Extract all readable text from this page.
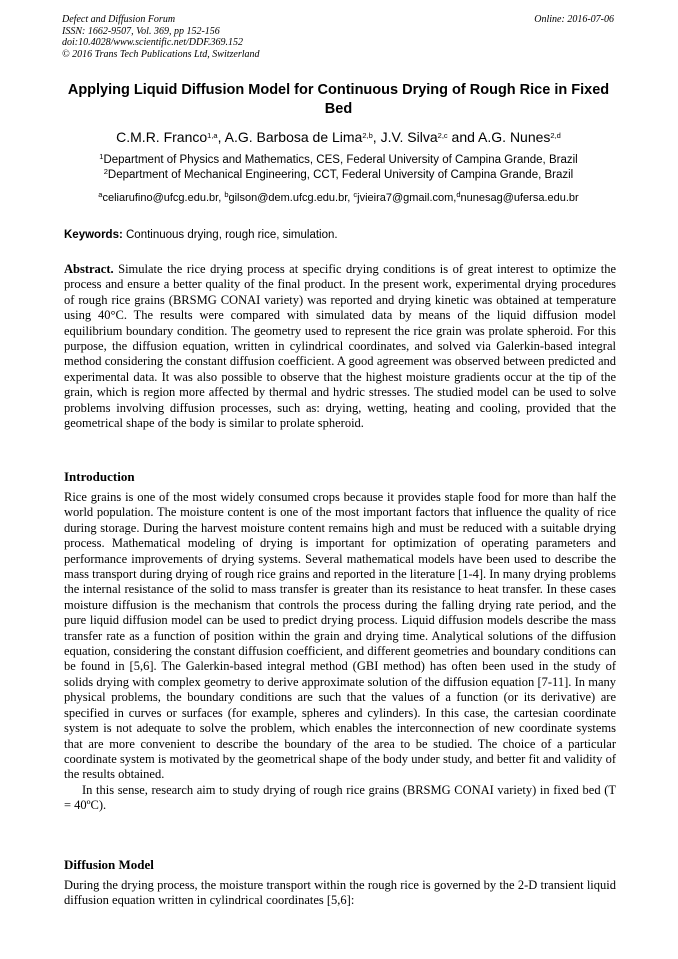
Defect and Diffusion Forum
ISSN: 1662-9507, Vol. 369, pp 152-156
doi:10.4028/www.scientific.net/DDF.369.152
© 2016 Trans Tech Publications Ltd, Switzerland
Online: 2016-07-06
Applying Liquid Diffusion Model for Continuous Drying of Rough Rice in Fixed Bed
C.M.R. Franco$^{1,a}$, A.G. Barbosa de Lima$^{2,b}$, J.V. Silva$^{2,c}$ and A.G. Nunes$^{2,d}$
$^1$Department of Physics and Mathematics, CES, Federal University of Campina Grande, Brazil
$^2$Department of Mechanical Engineering, CCT, Federal University of Campina Grande, Brazil
$^a$celiarufino@ufcg.edu.br, $^b$gilson@dem.ufcg.edu.br, $^c$jvieira7@gmail.com,$^d$nunesag@ufersa.edu.br
Keywords: Continuous drying, rough rice, simulation.

Abstract. Simulate the rice drying process at specific drying conditions is of great interest to optimize the process and ensure a better quality of the final product. In the present work, experimental drying procedures of rough rice grains (BRSMG CONAI variety) was reported and drying kinetic was obtained at temperature using 40°C. The results were compared with simulated data by means of the liquid diffusion model equilibrium boundary condition. The geometry used to represent the rice grain was prolate spheroid. For this purpose, the diffusion equation, written in cylindrical coordinates, and solved via Galerkin-based integral method considering the constant diffusion coefficient. A good agreement was observed between predicted and experimental data. It was also possible to observe that the highest moisture gradients occur at the tip of the grain, which is region more affected by thermal and hydric stresses. The studied model can be used to solve problems involving diffusion processes, such as: drying, wetting, heating and cooling, provided that the geometrical shape of the body is similar to prolate spheroid.

Introduction

Rice grains is one of the most widely consumed crops because it provides staple food for more than half the world population. The moisture content is one of the most important factors that influence the quality of rice during storage. During the harvest moisture content remains high and must be reduced with a suitable drying process. Mathematical modeling of drying is important for optimization of operating parameters and performance improvements of drying systems. Several mathematical models have been used to describe the mass transport during drying of rough rice grains and reported in the literature [1-4]. In many drying problems the internal resistance of the solid to mass transfer is greater than its resistance to heat transfer. In these cases moisture diffusion is the mechanism that controls the process during the falling drying rate period, and the pure liquid diffusion model can be used to predict drying process. Liquid diffusion models describe the mass transfer rate as a function of position within the grain and drying time. Analytical solutions of the diffusion equation, considering the constant diffusion coefficient, and different geometries and boundary conditions can be found in [5,6]. The Galerkin-based integral method (GBI method) has often been used in the study of solids drying with complex geometry to derive approximate solution of the diffusion equation [7-11]. In many physical problems, the boundary conditions are such that the values of a function (or its derivative) are specified in curves or surfaces (for example, spheres and cylinders). In this case, the cartesian coordinate system is not adequate to solve the problem, which enables the interconnection of new coordinate systems that are more convenient to describe the boundary of the area to be studied. The choice of a particular coordinate system is motivated by the geometrical shape of the body under study, and better fit and validity of the results obtained.

In this sense, research aim to study drying of rough rice grains (BRSMG CONAI variety) in fixed bed (T = 40ºC).

Diffusion Model

During the drying process, the moisture transport within the rough rice is governed by the 2-D transient liquid diffusion equation written in cylindrical coordinates [5,6]:
